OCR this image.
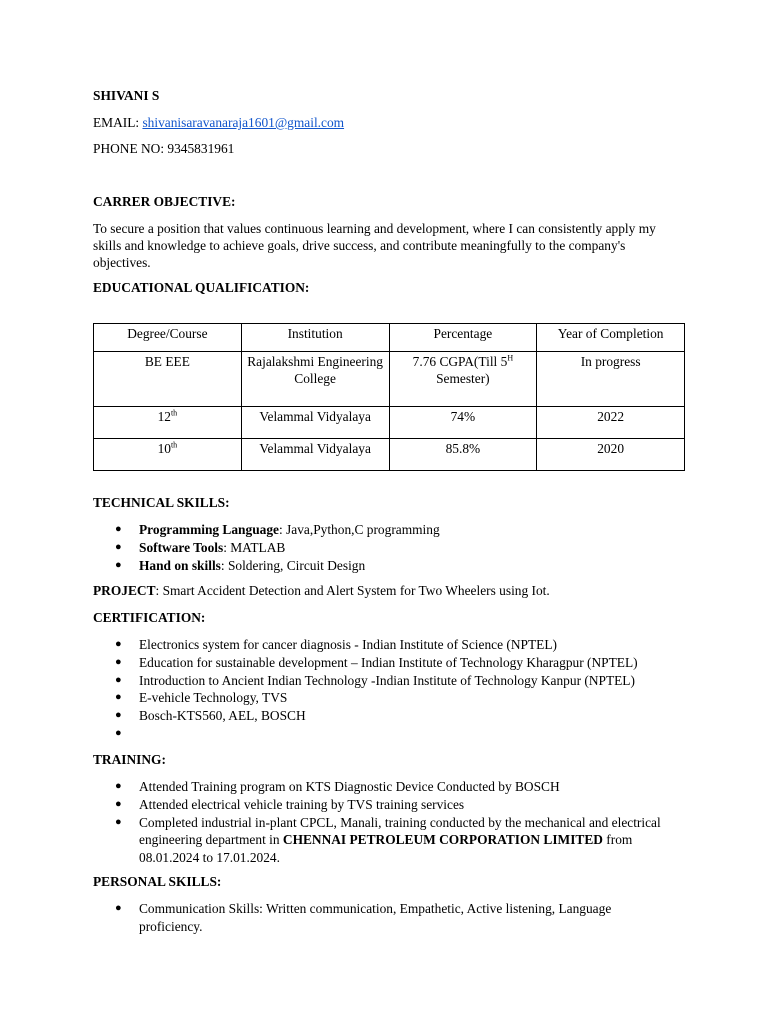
SHIVANI S
EMAIL: shivanisaravanaraja1601@gmail.com
PHONE NO: 9345831961
CARRER OBJECTIVE:
To secure a position that values continuous learning and development, where I can consistently apply my skills and knowledge to achieve goals, drive success, and contribute meaningfully to the company's objectives.
EDUCATIONAL QUALIFICATION:
Degree/Course	Institution	Percentage	Year of Completion
BE EEE	Rajalakshmi Engineering College	7.76 CGPA(Till $5^H$ Semester)	In progress
12th	Velammal Vidyalaya	74%	2022
10th	Velammal Vidyalaya	85.8%	2020
TECHNICAL SKILLS:
● Programming Language: Java,Python,C programming
● Software Tools: MATLAB
● Hand on skills: Soldering, Circuit Design
PROJECT: Smart Accident Detection and Alert System for Two Wheelers using Iot.
CERTIFICATION:
● Electronics system for cancer diagnosis - Indian Institute of Science (NPTEL)
● Education for sustainable development – Indian Institute of Technology Kharagpur (NPTEL)
● Introduction to Ancient Indian Technology -Indian Institute of Technology Kanpur (NPTEL)
● E-vehicle Technology, TVS
● Bosch-KTS560, AEL, BOSCH
●
TRAINING:
● Attended Training program on KTS Diagnostic Device Conducted by BOSCH
● Attended electrical vehicle training by TVS training services
● Completed industrial in-plant CPCL, Manali, training conducted by the mechanical and electrical engineering department in CHENNAI PETROLEUM CORPORATION LIMITED from 08.01.2024 to 17.01.2024.
PERSONAL SKILLS:
● Communication Skills: Written communication, Empathetic, Active listening, Language proficiency.
